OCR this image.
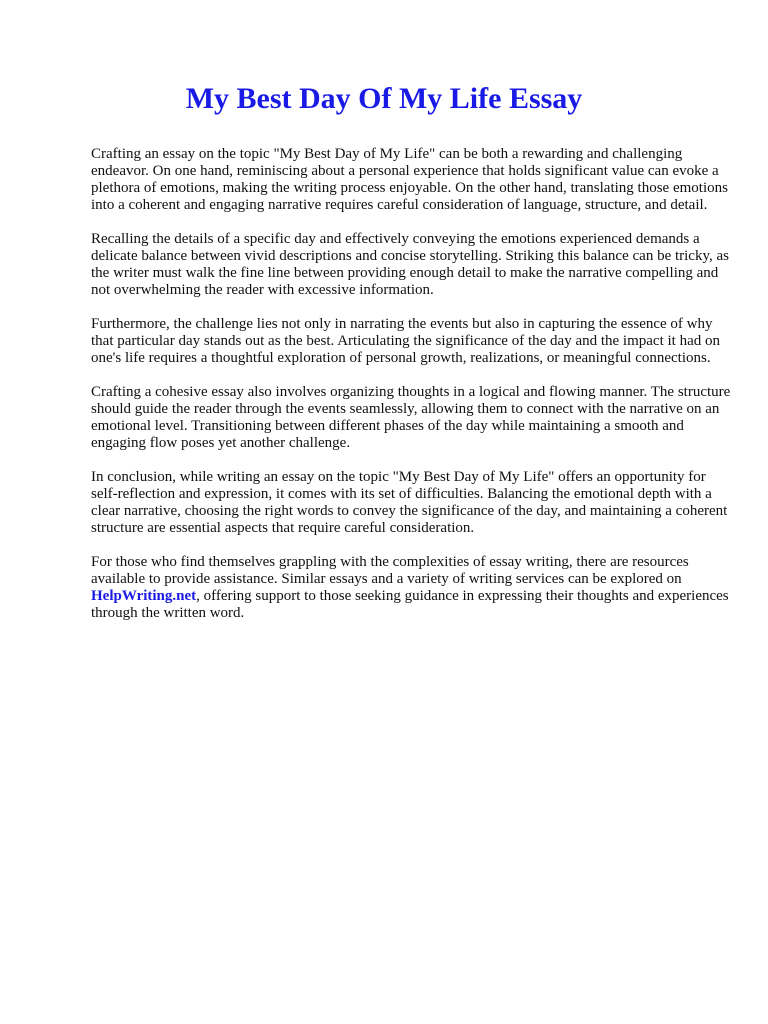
My Best Day Of My Life Essay

Crafting an essay on the topic "My Best Day of My Life" can be both a rewarding and challenging endeavor. On one hand, reminiscing about a personal experience that holds significant value can evoke a plethora of emotions, making the writing process enjoyable. On the other hand, translating those emotions into a coherent and engaging narrative requires careful consideration of language, structure, and detail.

Recalling the details of a specific day and effectively conveying the emotions experienced demands a delicate balance between vivid descriptions and concise storytelling. Striking this balance can be tricky, as the writer must walk the fine line between providing enough detail to make the narrative compelling and not overwhelming the reader with excessive information.

Furthermore, the challenge lies not only in narrating the events but also in capturing the essence of why that particular day stands out as the best. Articulating the significance of the day and the impact it had on one's life requires a thoughtful exploration of personal growth, realizations, or meaningful connections.

Crafting a cohesive essay also involves organizing thoughts in a logical and flowing manner. The structure should guide the reader through the events seamlessly, allowing them to connect with the narrative on an emotional level. Transitioning between different phases of the day while maintaining a smooth and engaging flow poses yet another challenge.

In conclusion, while writing an essay on the topic "My Best Day of My Life" offers an opportunity for self-reflection and expression, it comes with its set of difficulties. Balancing the emotional depth with a clear narrative, choosing the right words to convey the significance of the day, and maintaining a coherent structure are essential aspects that require careful consideration.

For those who find themselves grappling with the complexities of essay writing, there are resources available to provide assistance. Similar essays and a variety of writing services can be explored on HelpWriting.net, offering support to those seeking guidance in expressing their thoughts and experiences through the written word.
